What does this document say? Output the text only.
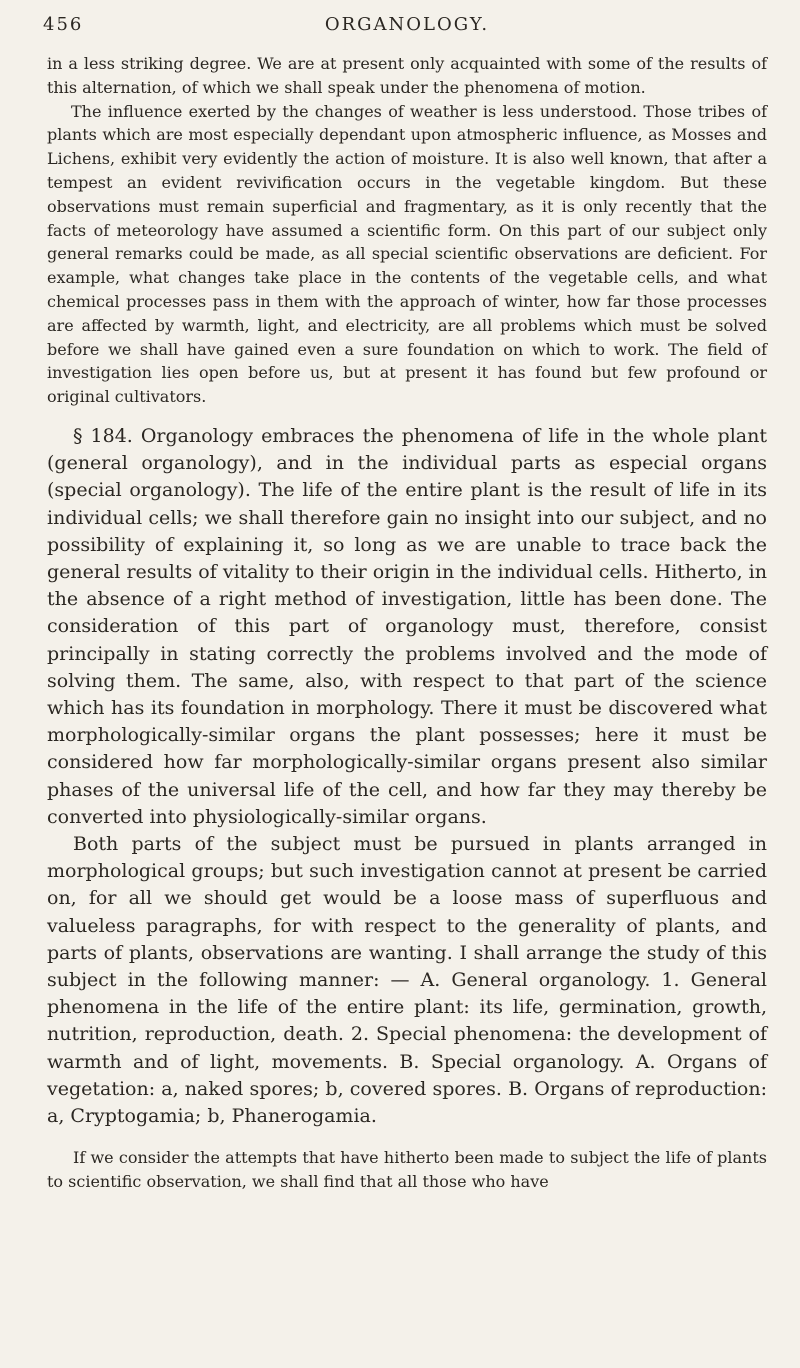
456	ORGANOLOGY.

in a less striking degree. We are at present only acquainted with some of the results of this alternation, of which we shall speak under the phenomena of motion.

The influence exerted by the changes of weather is less understood. Those tribes of plants which are most especially dependant upon atmospheric influence, as Mosses and Lichens, exhibit very evidently the action of moisture. It is also well known, that after a tempest an evident revivification occurs in the vegetable kingdom. But these observations must remain superficial and fragmentary, as it is only recently that the facts of meteorology have assumed a scientific form. On this part of our subject only general remarks could be made, as all special scientific observations are deficient. For example, what changes take place in the contents of the vegetable cells, and what chemical processes pass in them with the approach of winter, how far those processes are affected by warmth, light, and electricity, are all problems which must be solved before we shall have gained even a sure foundation on which to work. The field of investigation lies open before us, but at present it has found but few profound or original cultivators.

§ 184. Organology embraces the phenomena of life in the whole plant (general organology), and in the individual parts as especial organs (special organology). The life of the entire plant is the result of life in its individual cells; we shall therefore gain no insight into our subject, and no possibility of explaining it, so long as we are unable to trace back the general results of vitality to their origin in the individual cells. Hitherto, in the absence of a right method of investigation, little has been done. The consideration of this part of organology must, therefore, consist principally in stating correctly the problems involved and the mode of solving them. The same, also, with respect to that part of the science which has its foundation in morphology. There it must be discovered what morphologically-similar organs the plant possesses; here it must be considered how far morphologically-similar organs present also similar phases of the universal life of the cell, and how far they may thereby be converted into physiologically-similar organs.

Both parts of the subject must be pursued in plants arranged in morphological groups; but such investigation cannot at present be carried on, for all we should get would be a loose mass of superfluous and valueless paragraphs, for with respect to the generality of plants, and parts of plants, observations are wanting. I shall arrange the study of this subject in the following manner: — A. General organology. 1. General phenomena in the life of the entire plant: its life, germination, growth, nutrition, reproduction, death. 2. Special phenomena: the development of warmth and of light, movements. B. Special organology. A. Organs of vegetation: a, naked spores; b, covered spores. B. Organs of reproduction: a, Cryptogamia; b, Phanerogamia.

If we consider the attempts that have hitherto been made to subject the life of plants to scientific observation, we shall find that all those who have
